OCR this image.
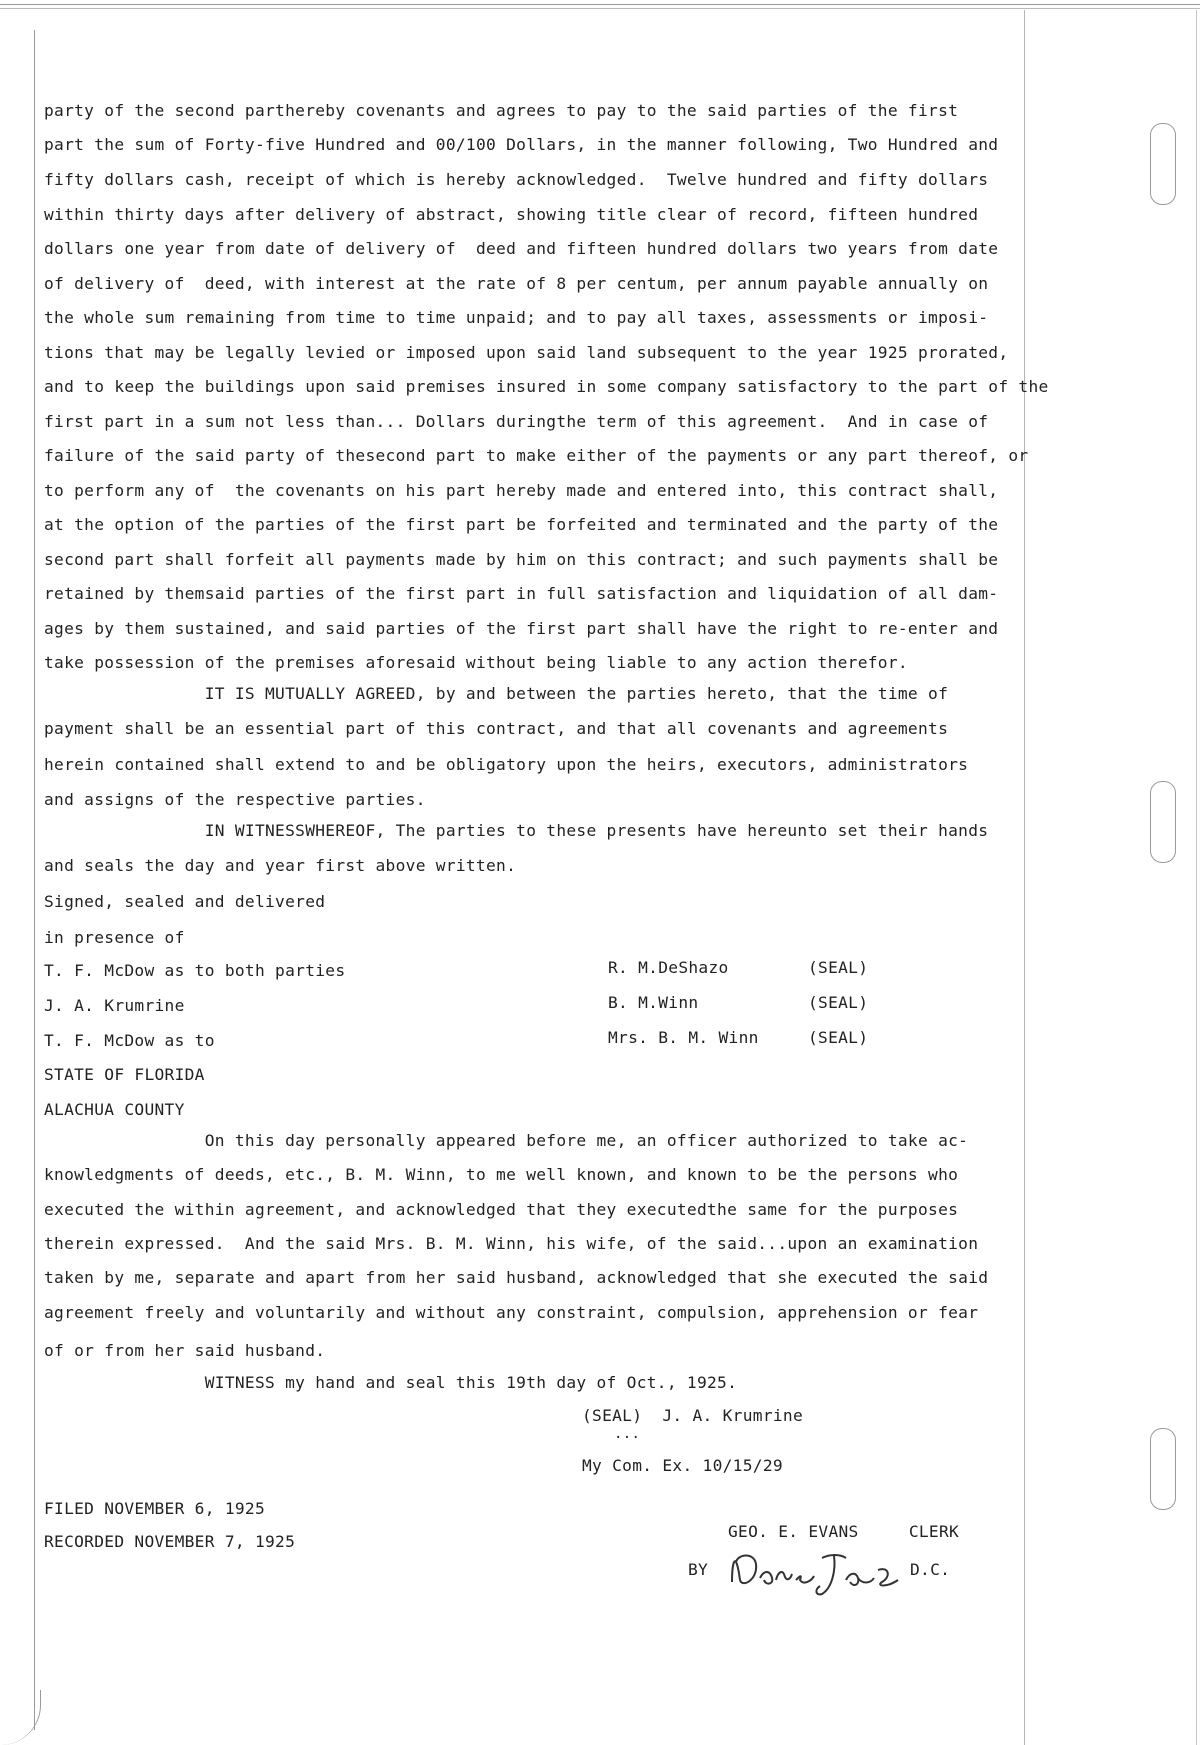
party of the second parthereby covenants and agrees to pay to the said parties of the first
part the sum of Forty-five Hundred and 00/100 Dollars, in the manner following, Two Hundred and
fifty dollars cash, receipt of which is hereby acknowledged.  Twelve hundred and fifty dollars
within thirty days after delivery of abstract, showing title clear of record, fifteen hundred
dollars one year from date of delivery of  deed and fifteen hundred dollars two years from date
of delivery of  deed, with interest at the rate of 8 per centum, per annum payable annually on
the whole sum remaining from time to time unpaid; and to pay all taxes, assessments or imposi-
tions that may be legally levied or imposed upon said land subsequent to the year 1925 prorated,
and to keep the buildings upon said premises insured in some company satisfactory to the part of the
first part in a sum not less than... Dollars duringthe term of this agreement.  And in case of
failure of the said party of thesecond part to make either of the payments or any part thereof, or
to perform any of  the covenants on his part hereby made and entered into, this contract shall,
at the option of the parties of the first part be forfeited and terminated and the party of the
second part shall forfeit all payments made by him on this contract; and such payments shall be
retained by themsaid parties of the first part in full satisfaction and liquidation of all dam-
ages by them sustained, and said parties of the first part shall have the right to re-enter and
take possession of the premises aforesaid without being liable to any action therefor.
IT IS MUTUALLY AGREED, by and between the parties hereto, that the time of
payment shall be an essential part of this contract, and that all covenants and agreements
herein contained shall extend to and be obligatory upon the heirs, executors, administrators
and assigns of the respective parties.
IN WITNESSWHEREOF, The parties to these presents have hereunto set their hands
and seals the day and year first above written.
Signed, sealed and delivered
in presence of
T. F. McDow as to both parties
J. A. Krumrine
T. F. McDow as to
R. M.DeShazo	(SEAL)
B. M.Winn	(SEAL)
Mrs. B. M. Winn	(SEAL)
STATE OF FLORIDA
ALACHUA COUNTY
On this day personally appeared before me, an officer authorized to take ac-
knowledgments of deeds, etc., B. M. Winn, to me well known, and known to be the persons who
executed the within agreement, and acknowledged that they executedthe same for the purposes
therein expressed.  And the said Mrs. B. M. Winn, his wife, of the said...upon an examination
taken by me, separate and apart from her said husband, acknowledged that she executed the said
agreement freely and voluntarily and without any constraint, compulsion, apprehension or fear
of or from her said husband.
WITNESS my hand and seal this 19th day of Oct., 1925.
(SEAL)  J. A. Krumrine
...
My Com. Ex. 10/15/29
FILED NOVEMBER 6, 1925
RECORDED NOVEMBER 7, 1925
GEO. E. EVANS     CLERK
BY	D.C.
